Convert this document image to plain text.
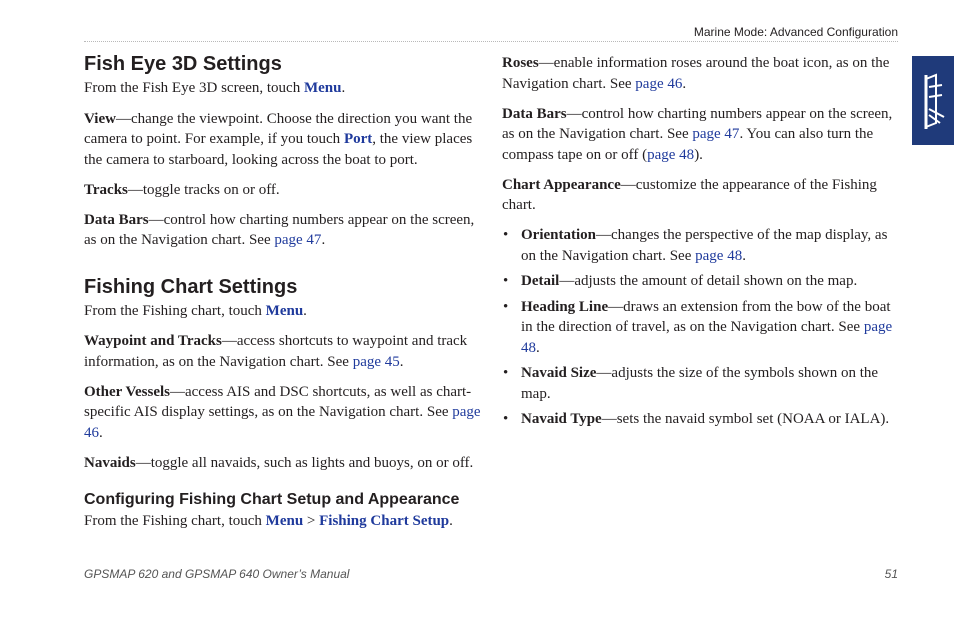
Marine Mode: Advanced Configuration
Fish Eye 3D Settings

From the Fish Eye 3D screen, touch Menu.

View—change the viewpoint. Choose the direction you want the camera to point. For example, if you touch Port, the view places the camera to starboard, looking across the boat to port.

Tracks—toggle tracks on or off.

Data Bars—control how charting numbers appear on the screen, as on the Navigation chart. See page 47.

Fishing Chart Settings

From the Fishing chart, touch Menu.

Waypoint and Tracks—access shortcuts to waypoint and track information, as on the Navigation chart. See page 45.

Other Vessels—access AIS and DSC shortcuts, as well as chart-specific AIS display settings, as on the Navigation chart. See page 46.

Navaids—toggle all navaids, such as lights and buoys, on or off.

Configuring Fishing Chart Setup and Appearance

From the Fishing chart, touch Menu > Fishing Chart Setup.

Roses—enable information roses around the boat icon, as on the Navigation chart. See page 46.

Data Bars—control how charting numbers appear on the screen, as on the Navigation chart. See page 47. You can also turn the compass tape on or off (page 48).

Chart Appearance—customize the appearance of the Fishing chart.

• Orientation—changes the perspective of the map display, as on the Navigation chart. See page 48.
• Detail—adjusts the amount of detail shown on the map.
• Heading Line—draws an extension from the bow of the boat in the direction of travel, as on the Navigation chart. See page 48.
• Navaid Size—adjusts the size of the symbols shown on the map.
• Navaid Type—sets the navaid symbol set (NOAA or IALA).
GPSMAP 620 and GPSMAP 640 Owner’s Manual	51
